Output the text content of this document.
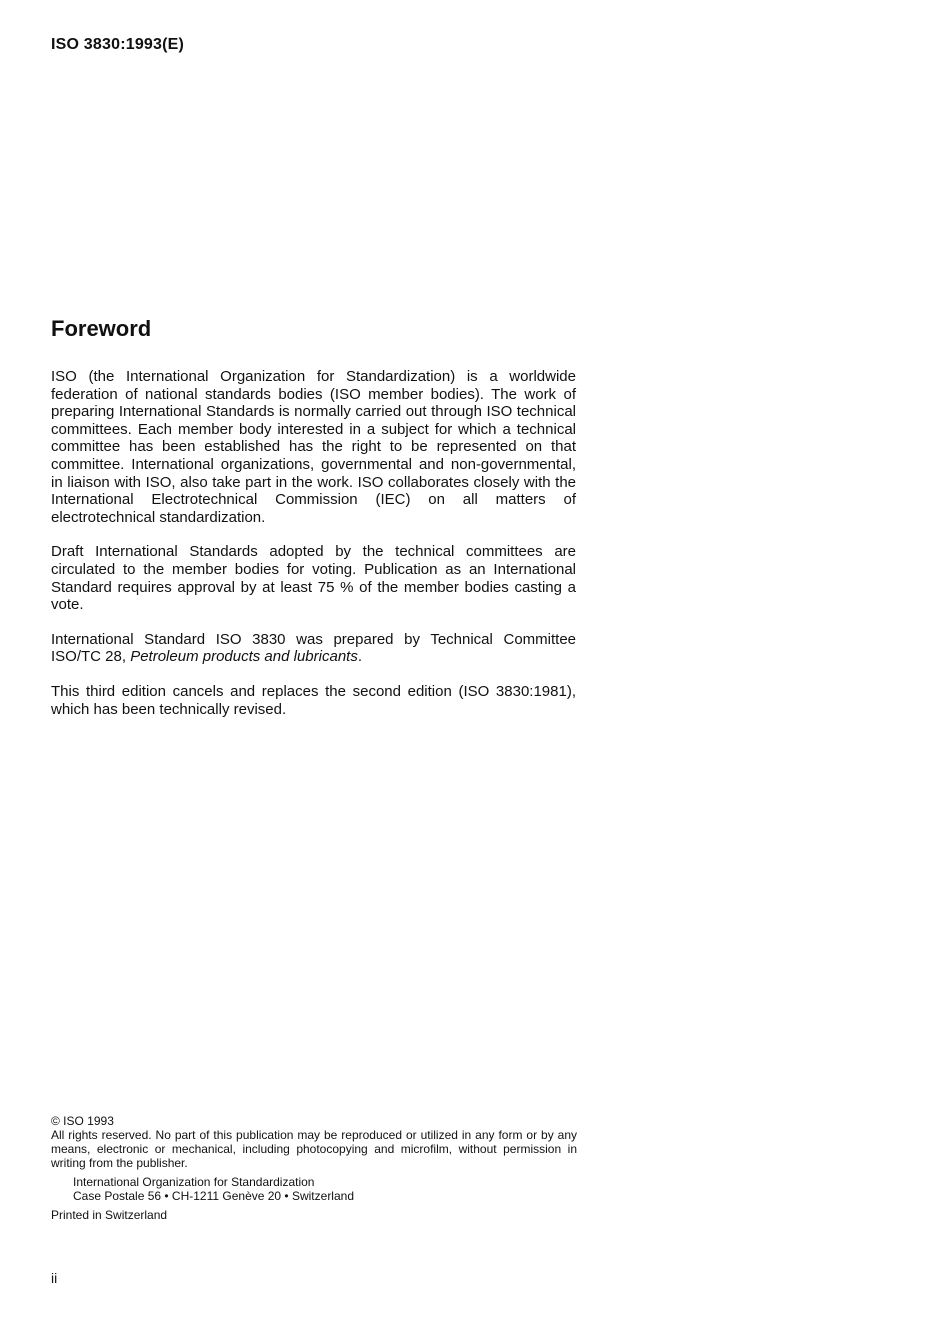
ISO 3830:1993(E)
Foreword

ISO (the International Organization for Standardization) is a worldwide federation of national standards bodies (ISO member bodies). The work of preparing International Standards is normally carried out through ISO technical committees. Each member body interested in a subject for which a technical committee has been established has the right to be represented on that committee. International organizations, governmental and non-governmental, in liaison with ISO, also take part in the work. ISO collaborates closely with the International Electrotechnical Commission (IEC) on all matters of electrotechnical standardization.

Draft International Standards adopted by the technical committees are circulated to the member bodies for voting. Publication as an International Standard requires approval by at least 75 % of the member bodies casting a vote.

International Standard ISO 3830 was prepared by Technical Committee ISO/TC 28, Petroleum products and lubricants.

This third edition cancels and replaces the second edition (ISO 3830:1981), which has been technically revised.

© ISO 1993
All rights reserved. No part of this publication may be reproduced or utilized in any form or by any means, electronic or mechanical, including photocopying and microfilm, without permission in writing from the publisher.
International Organization for Standardization
Case Postale 56 • CH-1211 Genève 20 • Switzerland
Printed in Switzerland
ii
